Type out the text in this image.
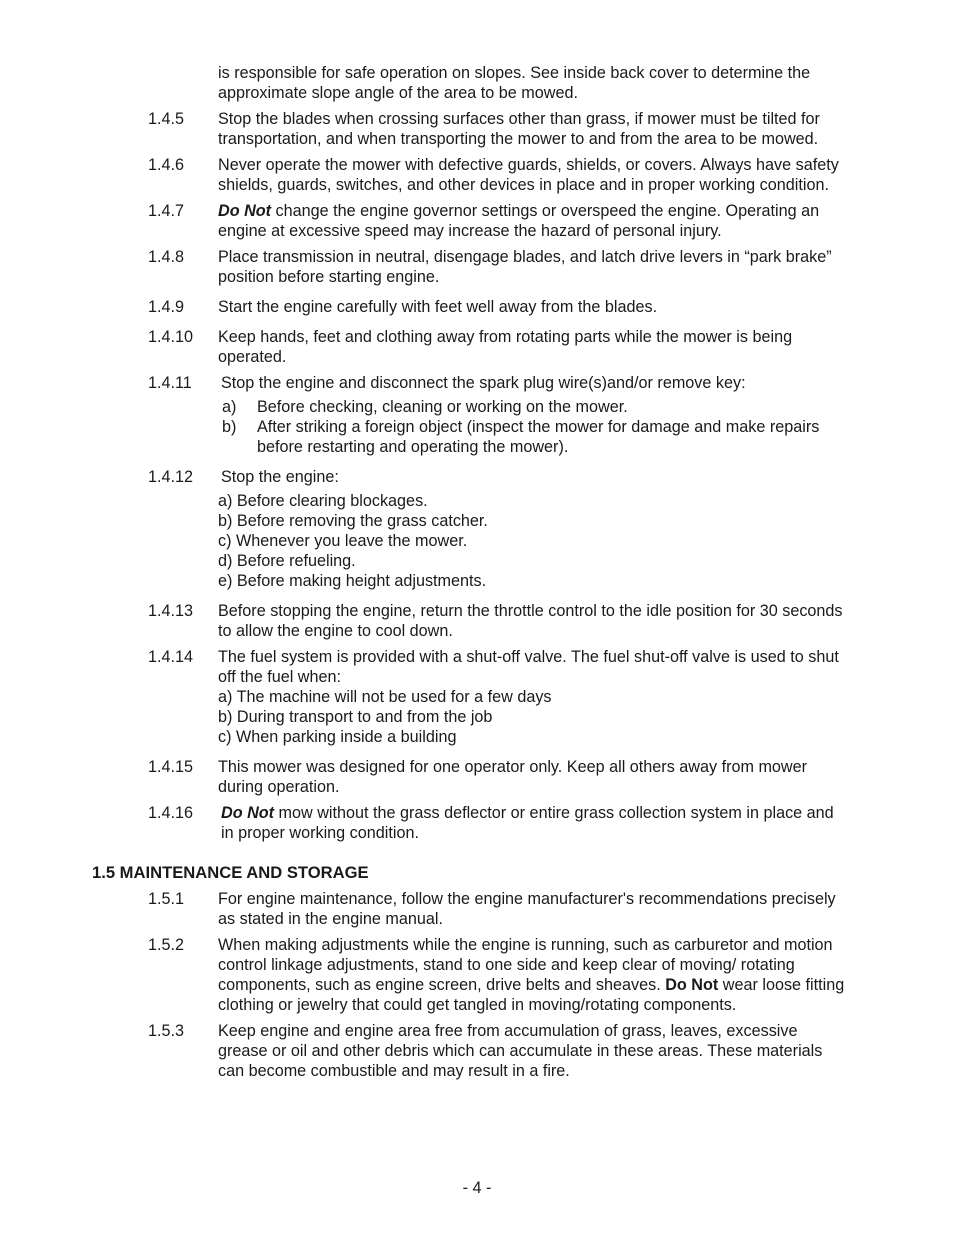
is responsible for safe operation on slopes. See inside back cover to determine the approximate slope angle of the area to be mowed.
1.4.5	Stop the blades when crossing surfaces other than grass, if mower must be tilted for transportation, and when transporting the mower to and from the area to be mowed.
1.4.6	Never operate the mower with defective guards, shields, or covers. Always have safety shields, guards, switches, and other devices in place and in proper working condition.
1.4.7	Do Not change the engine governor settings or overspeed the engine. Operating an engine at excessive speed may increase the hazard of personal injury.
1.4.8	Place transmission in neutral, disengage blades, and latch drive levers in “park brake” position before starting engine.
1.4.9	Start the engine carefully with feet well away from the blades.
1.4.10	Keep hands, feet and clothing away from rotating parts while the mower is being operated.
1.4.11	Stop the engine and disconnect the spark plug wire(s)and/or remove key:
a) Before checking, cleaning or working on the mower.
b) After striking a foreign object (inspect the mower for damage and make repairs before restarting and operating the mower).
1.4.12	Stop the engine:
a) Before clearing blockages.
b) Before removing the grass catcher.
c) Whenever you leave the mower.
d) Before refueling.
e) Before making height adjustments.
1.4.13	Before stopping the engine, return the throttle control to the idle position for 30 seconds to allow the engine to cool down.
1.4.14	The fuel system is provided with a shut-off valve. The fuel shut-off valve is used to shut off the fuel when:
a) The machine will not be used for a few days
b) During transport to and from the job
c) When parking inside a building
1.4.15	This mower was designed for one operator only. Keep all others away from mower during operation.
1.4.16	Do Not mow without the grass deflector or entire grass collection system in place and in proper working condition.
1.5 MAINTENANCE AND STORAGE
1.5.1	For engine maintenance, follow the engine manufacturer's recommendations precisely as stated in the engine manual.
1.5.2	When making adjustments while the engine is running, such as carburetor and motion control linkage adjustments, stand to one side and keep clear of moving/ rotating components, such as engine screen, drive belts and sheaves. Do Not wear loose fitting clothing or jewelry that could get tangled in moving/rotating components.
1.5.3	Keep engine and engine area free from accumulation of grass, leaves, excessive grease or oil and other debris which can accumulate in these areas. These materials can become combustible and may result in a fire.
- 4 -
